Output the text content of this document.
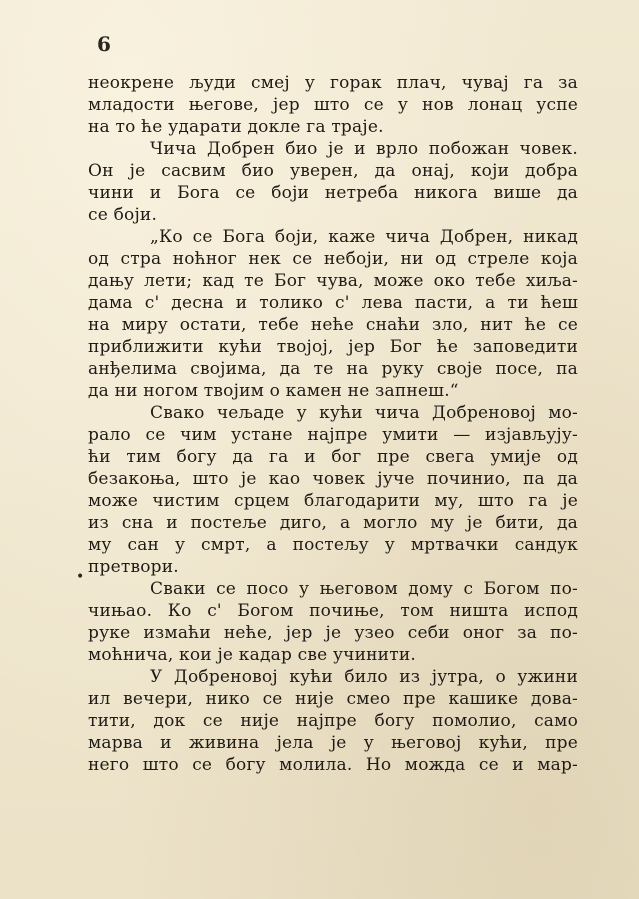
6
•
неокрене људи смеј у горак плач, чувај га за
младости његове, јер што се у нов лонац успе
на то ће ударати докле га траје.
Чича Добрен био је и врло побожан човек.
Он је сасвим био уверен, да онај, који добра
чини и Бога се боји нетреба никога више да
се боји.
„Ко се Бога боји, каже чича Добрен, никад
од стра ноћног нек се небоји, ни од стреле која
дању лети; кад те Бог чува, може око тебе хиља-
дама с' десна и толико с' лева пасти, а ти ћеш
на миру остати, тебе неће снаћи зло, нит ће се
приближити кући твојој, јер Бог ће заповедити
анђелима својима, да те на руку своје посе, па
да ни ногом твојим о камен не запнеш.“
Свако чељаде у кући чича Добреновој мо-
рало се чим устане најпре умити — изјављују-
ћи тим богу да га и бог пре свега умије од
безакоња, што је као човек јуче починио, па да
може чистим срцем благодарити му, што га је
из сна и постеље диго, а могло му је бити, да
му сан у смрт, а постељу у мртвачки сандук
претвори.
Сваки се посо у његовом дому с Богом по-
чињао. Ко с' Богом почиње, том ништа испод
руке измаћи неће, јер је узео себи оног за по-
моћнича, кои је кадар све учинити.
У Добреновој кући било из јутра, о ужини
ил вечери, нико се није смео пре кашике дова-
тити, док се није најпре богу помолио, само
марва и живина јела је у његовој кући, пре
него што се богу молила. Но можда се и мар-
